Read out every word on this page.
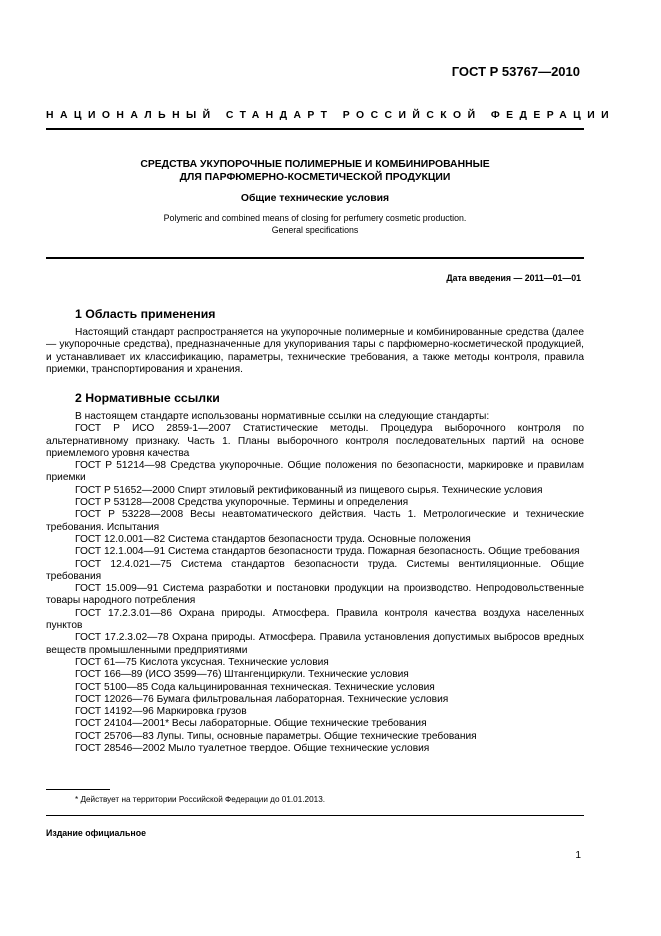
ГОСТ Р 53767—2010
НАЦИОНАЛЬНЫЙ СТАНДАРТ РОССИЙСКОЙ ФЕДЕРАЦИИ
СРЕДСТВА УКУПОРОЧНЫЕ ПОЛИМЕРНЫЕ И КОМБИНИРОВАННЫЕ
ДЛЯ ПАРФЮМЕРНО-КОСМЕТИЧЕСКОЙ ПРОДУКЦИИ
Общие технические условия
Polymeric and combined means of closing for perfumery cosmetic production.
General specifications
Дата введения — 2011—01—01
1 Область применения

Настоящий стандарт распространяется на укупорочные полимерные и комбинированные средства (далее — укупорочные средства), предназначенные для укупоривания тары с парфюмерно-косметической продукцией, и устанавливает их классификацию, параметры, технические требования, а также методы контроля, правила приемки, транспортирования и хранения.

2 Нормативные ссылки

В настоящем стандарте использованы нормативные ссылки на следующие стандарты:

ГОСТ Р ИСО 2859-1—2007 Статистические методы. Процедура выборочного контроля по альтернативному признаку. Часть 1. Планы выборочного контроля последовательных партий на основе приемлемого уровня качества

ГОСТ Р 51214—98 Средства укупорочные. Общие положения по безопасности, маркировке и правилам приемки

ГОСТ Р 51652—2000 Спирт этиловый ректификованный из пищевого сырья. Технические условия

ГОСТ Р 53128—2008 Средства укупорочные. Термины и определения

ГОСТ Р 53228—2008 Весы неавтоматического действия. Часть 1. Метрологические и технические требования. Испытания

ГОСТ 12.0.001—82 Система стандартов безопасности труда. Основные положения

ГОСТ 12.1.004—91 Система стандартов безопасности труда. Пожарная безопасность. Общие требования

ГОСТ 12.4.021—75 Система стандартов безопасности труда. Системы вентиляционные. Общие требования

ГОСТ 15.009—91 Система разработки и постановки продукции на производство. Непродовольственные товары народного потребления

ГОСТ 17.2.3.01—86 Охрана природы. Атмосфера. Правила контроля качества воздуха населенных пунктов

ГОСТ 17.2.3.02—78 Охрана природы. Атмосфера. Правила установления допустимых выбросов вредных веществ промышленными предприятиями

ГОСТ 61—75 Кислота уксусная. Технические условия

ГОСТ 166—89 (ИСО 3599—76) Штангенциркули. Технические условия

ГОСТ 5100—85 Сода кальцинированная техническая. Технические условия

ГОСТ 12026—76 Бумага фильтровальная лабораторная. Технические условия

ГОСТ 14192—96 Маркировка грузов

ГОСТ 24104—2001* Весы лабораторные. Общие технические требования

ГОСТ 25706—83 Лупы. Типы, основные параметры. Общие технические требования

ГОСТ 28546—2002 Мыло туалетное твердое. Общие технические условия

* Действует на территории Российской Федерации до 01.01.2013.
Издание официальное
1
